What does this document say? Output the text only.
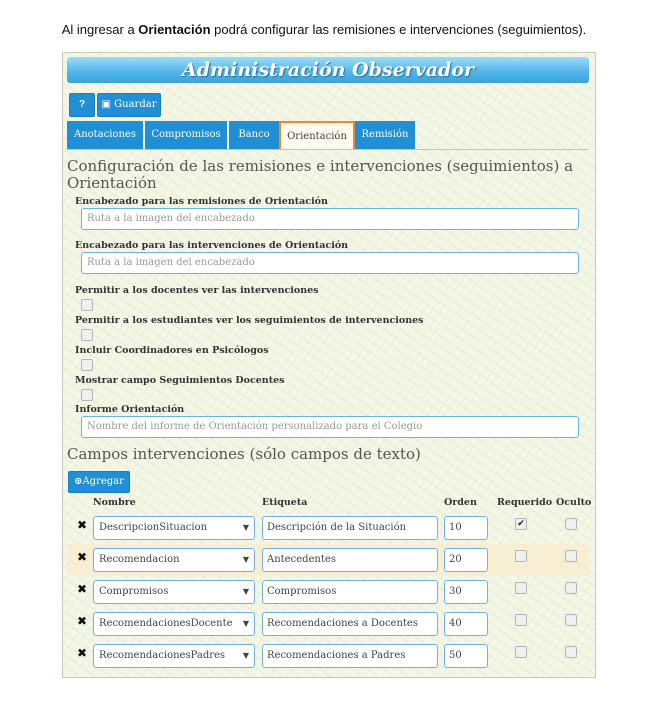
Al ingresar a Orientación podrá configurar las remisiones e intervenciones (seguimientos).
Administración Observador
?	▣ Guardar
Anotaciones	Compromisos	Banco	Orientación	Remisión
Configuración de las remisiones e intervenciones (seguimientos) a Orientación
Encabezado para las remisiones de Orientación
Ruta a la imagen del encabezado
Encabezado para las intervenciones de Orientación
Ruta a la imagen del encabezado
Permitir a los docentes ver las intervenciones
Permitir a los estudiantes ver los seguimientos de intervenciones
Incluir Coordinadores en Psicólogos
Mostrar campo Seguimientos Docentes
Informe Orientación
Nombre del informe de Orientación personalizado para el Colegio
Campos intervenciones (sólo campos de texto)
⊕Agregar
Nombre	Etiqueta	Orden Requerido Oculto
✖	DescripcionSituacion	▼	Descripción de la Situación	10	✔
✖	Recomendacion	▼	Antecedentes	20
✖	Compromisos	▼	Compromisos	30
✖	RecomendacionesDocente ▼	Recomendaciones a Docentes	40
✖	RecomendacionesPadres ▼	Recomendaciones a Padres	50
